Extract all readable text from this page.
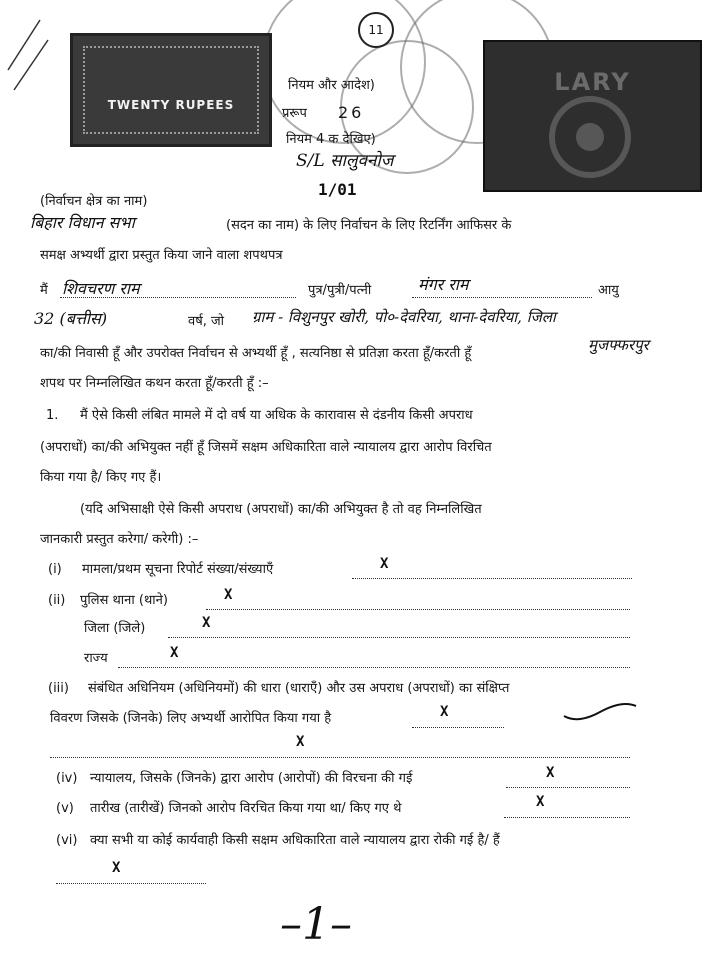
11
TWENTY RUPEES
LARY
नियम और आदेश)
प्ररूप 26
नियम 4 क देखिए)
S/L सालुवनोज
1/01
(निर्वाचन क्षेत्र का नाम)
बिहार विधान सभा	(सदन का नाम) के लिए निर्वाचन के लिए रिटर्निंग आफिसर के
समक्ष अभ्यर्थी द्वारा प्रस्तुत किया जाने वाला शपथपत्र
मैं शिवचरण राम	पुत्र/पुत्री/पत्नी	मंगर राम	आयु
32 (बत्तीस)	वर्ष, जो ग्राम - विशुनपुर खोरी, पो०-देवरिया, थाना-देवरिया, जिला
का/की निवासी हूँ और उपरोक्त निर्वाचन से अभ्यर्थी हूँ , सत्यनिष्ठा से प्रतिज्ञा करता हूँ/करती हूँ	मुजफ्फरपुर
शपथ पर निम्नलिखित कथन करता हूँ/करती हूँ :–
1. मैं ऐसे किसी लंबित मामले में दो वर्ष या अधिक के कारावास से दंडनीय किसी अपराध
(अपराधों) का/की अभियुक्त नहीं हूँ जिसमें सक्षम अधिकारिता वाले न्यायालय द्वारा आरोप विरचित
किया गया है/ किए गए हैं।
(यदि अभिसाक्षी ऐसे किसी अपराध (अपराधों) का/की अभियुक्त है तो वह निम्नलिखित
जानकारी प्रस्तुत करेगा/ करेगी) :–
(i) मामला/प्रथम सूचना रिपोर्ट संख्या/संख्याएँ	X
(ii) पुलिस थाना (थाने)	X
जिला (जिले)	X
राज्य	X
(iii) संबंधित अधिनियम (अधिनियमों) की धारा (धाराएँ) और उस अपराध (अपराधों) का संक्षिप्त
विवरण जिसके (जिनके) लिए अभ्यर्थी आरोपित किया गया है	X
X
(iv) न्यायालय, जिसके (जिनके) द्वारा आरोप (आरोपों) की विरचना की गई	X
(v) तारीख (तारीखें) जिनको आरोप विरचित किया गया था/ किए गए थे	X
(vi) क्या सभी या कोई कार्यवाही किसी सक्षम अधिकारिता वाले न्यायालय द्वारा रोकी गई है/ हैं
X
–1–
